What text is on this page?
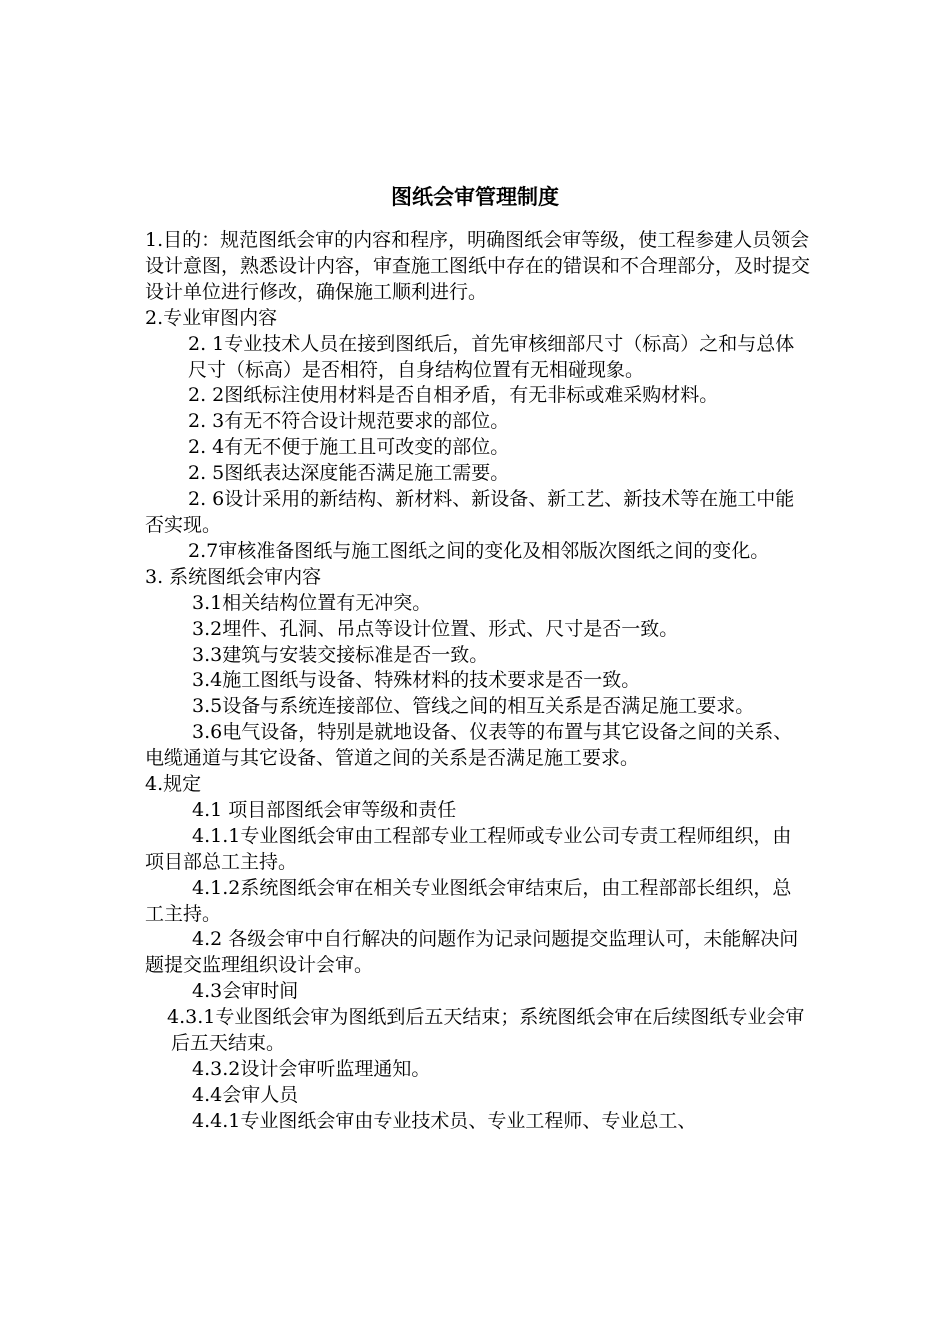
图纸会审管理制度

1.目的：规范图纸会审的内容和程序，明确图纸会审等级，使工程参建人员领会设计意图，熟悉设计内容，审查施工图纸中存在的错误和不合理部分，及时提交设计单位进行修改，确保施工顺利进行。

2.专业审图内容

2. 1专业技术人员在接到图纸后，首先审核细部尺寸（标高）之和与总体尺寸（标高）是否相符，自身结构位置有无相碰现象。

2. 2图纸标注使用材料是否自相矛盾，有无非标或难采购材料。

2. 3有无不符合设计规范要求的部位。

2. 4有无不便于施工且可改变的部位。

2. 5图纸表达深度能否满足施工需要。

2. 6设计采用的新结构、新材料、新设备、新工艺、新技术等在施工中能否实现。

2.7审核准备图纸与施工图纸之间的变化及相邻版次图纸之间的变化。

3. 系统图纸会审内容

3.1相关结构位置有无冲突。

3.2埋件、孔洞、吊点等设计位置、形式、尺寸是否一致。

3.3建筑与安装交接标准是否一致。

3.4施工图纸与设备、特殊材料的技术要求是否一致。

3.5设备与系统连接部位、管线之间的相互关系是否满足施工要求。

3.6电气设备，特别是就地设备、仪表等的布置与其它设备之间的关系、电缆通道与其它设备、管道之间的关系是否满足施工要求。

4.规定

4.1 项目部图纸会审等级和责任

4.1.1专业图纸会审由工程部专业工程师或专业公司专责工程师组织，由项目部总工主持。

4.1.2系统图纸会审在相关专业图纸会审结束后，由工程部部长组织，总工主持。

4.2 各级会审中自行解决的问题作为记录问题提交监理认可，未能解决问题提交监理组织设计会审。

4.3会审时间

4.3.1专业图纸会审为图纸到后五天结束；系统图纸会审在后续图纸专业会审后五天结束。

4.3.2设计会审听监理通知。

4.4会审人员

4.4.1专业图纸会审由专业技术员、专业工程师、专业总工、
